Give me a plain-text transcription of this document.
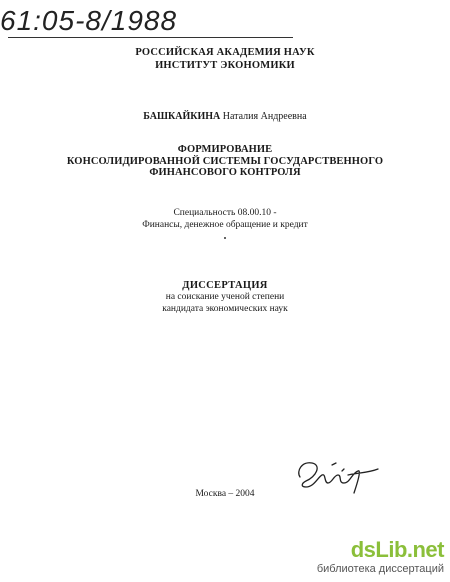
61:05-8/1988
РОССИЙСКАЯ АКАДЕМИЯ НАУК
ИНСТИТУТ ЭКОНОМИКИ
БАШКАЙКИНА Наталия Андреевна
ФОРМИРОВАНИЕ
КОНСОЛИДИРОВАННОЙ СИСТЕМЫ ГОСУДАРСТВЕННОГО
ФИНАНСОВОГО КОНТРОЛЯ
Специальность 08.00.10 -
Финансы, денежное обращение и кредит
ДИССЕРТАЦИЯ
на соискание ученой степени
кандидата экономических наук
Москва – 2004
dsLib.net
библиотека диссертаций
